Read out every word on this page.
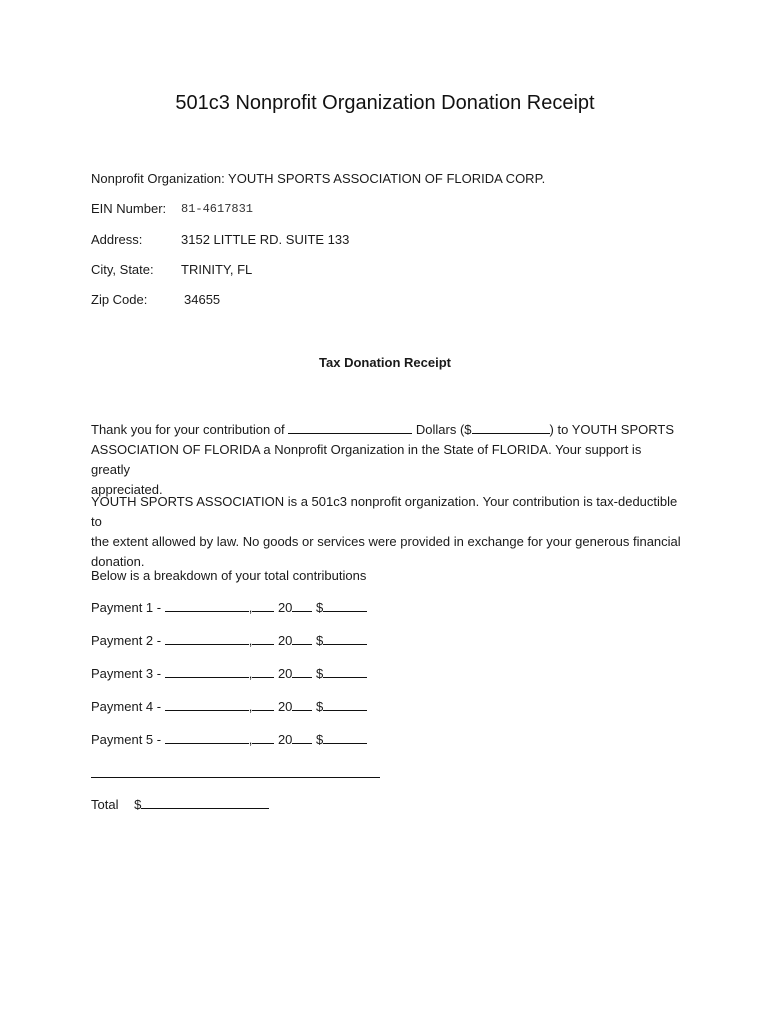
501c3 Nonprofit Organization Donation Receipt
Nonprofit Organization: YOUTH SPORTS ASSOCIATION OF FLORIDA CORP.
EIN Number: 81-4617831
Address:	3152 LITTLE RD. SUITE 133
City, State: TRINITY, FL
Zip Code:	34655
Tax Donation Receipt
Thank you for your contribution of	Dollars ($	) to YOUTH SPORTS
ASSOCIATION OF FLORIDA a Nonprofit Organization in the State of FLORIDA. Your support is greatly
appreciated.
YOUTH SPORTS ASSOCIATION is a 501c3 nonprofit organization. Your contribution is tax-deductible to
the extent allowed by law. No goods or services were provided in exchange for your generous financial
donation.
Below is a breakdown of your total contributions
Payment 1 -	, 20 $
Payment 2 -	, 20 $
Payment 3 -	, 20 $
Payment 4 -	, 20 $
Payment 5 -	, 20 $
Total $
